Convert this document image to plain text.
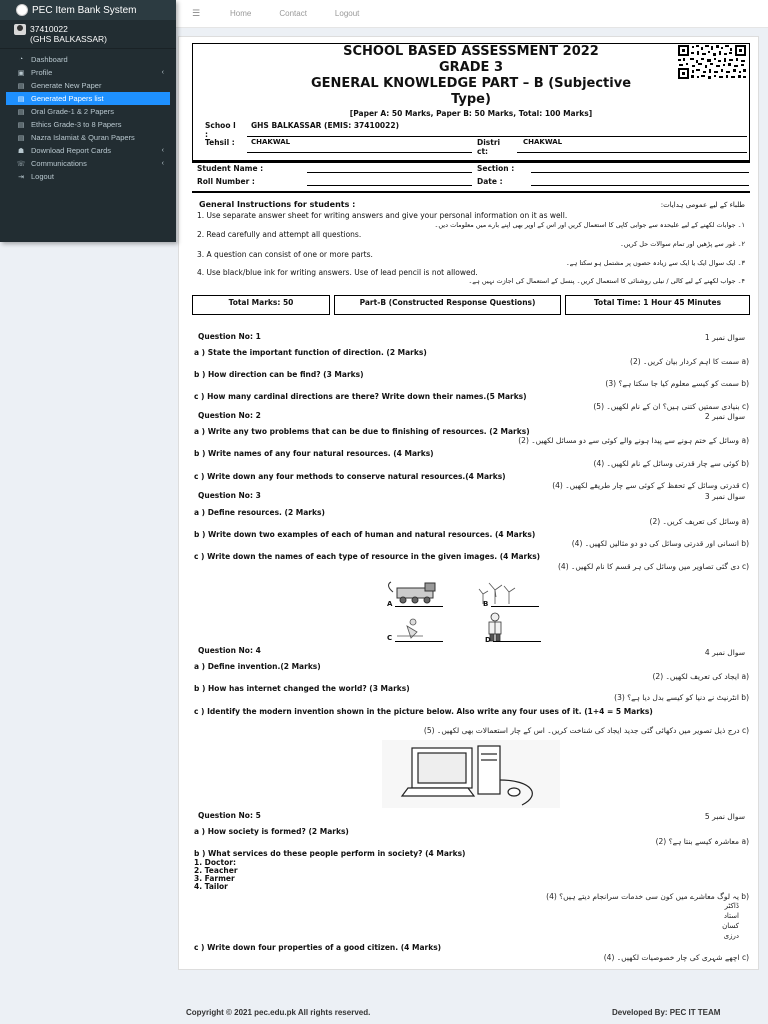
PEC Item Bank System
37410022
(GHS BALKASSAR)
◔	Dashboard
▣ Profile	‹
▤ Generate New Paper
▤ Generated Papers list
▤ Oral Grade-1 & 2 Papers
▤ Ethics Grade-3 to 8 Papers
▤ Nazra Islamiat & Quran Papers
☗ Download Report Cards	‹
☏ Communications	‹
⇥ Logout
☰	Home	Contact	Logout
SCHOOL BASED ASSESSMENT 2022
GRADE 3
GENERAL KNOWLEDGE PART – B (Subjective
Type)
[Paper A: 50 Marks, Paper B: 50 Marks, Total: 100 Marks]
Schoo l :
GHS BALKASSAR (EMIS: 37410022)
Tehsil : CHAKWAL	Distri ct:
CHAKWAL
Student Name :	Section :
Roll Number :	Date :
General Instructions for students :	طلباء کے لیے عمومی ہدایات:
1. Use separate answer sheet for writing answers and give your personal information on it as well.
۱۔ جوابات لکھنے کے لیے علیحدہ سے جوابی کاپی کا استعمال کریں اور اس کے اوپر بھی اپنے بارے میں معلومات دیں۔
2. Read carefully and attempt all questions.
۲۔ غور سے پڑھیں اور تمام سوالات حل کریں۔
3. A question can consist of one or more parts.
۳۔ ایک سوال ایک یا ایک سے زیادہ حصوں پر مشتمل ہو سکتا ہے۔
4. Use black/blue ink for writing answers. Use of lead pencil is not allowed.
۴۔ جواب لکھنے کے لیے کالی / نیلی روشنائی کا استعمال کریں۔ پنسل کے استعمال کی اجازت نہیں ہے۔
Total Marks: 50	Part-B (Constructed Response Questions)	Total Time: 1 Hour 45 Minutes
Question No: 1	سوال نمبر 1
a ) State the important function of direction. (2 Marks)
(a سمت کا اہم کردار بیان کریں۔ (2)
b ) How direction can be find? (3 Marks)
(b سمت کو کیسے معلوم کیا جا سکتا ہے؟ (3)
c ) How many cardinal directions are there? Write down their names.(5 Marks)
(c بنیادی سمتیں کتنی ہیں؟ ان کے نام لکھیں۔ (5)
Question No: 2	سوال نمبر 2
a ) Write any two problems that can be due to finishing of resources. (2 Marks)
(a وسائل کے ختم ہونے سے پیدا ہونے والے کوئی سے دو مسائل لکھیں۔ (2)
b ) Write names of any four natural resources. (4 Marks)
(b کوئی سے چار قدرتی وسائل کے نام لکھیں۔ (4)
c ) Write down any four methods to conserve natural resources.(4 Marks)
(c قدرتی وسائل کے تحفظ کے کوئی سے چار طریقے لکھیں۔ (4)
Question No: 3	سوال نمبر 3
a ) Define resources. (2 Marks)
(a وسائل کی تعریف کریں۔ (2)
b ) Write down two examples of each of human and natural resources. (4 Marks)
(b انسانی اور قدرتی وسائل کی دو دو مثالیں لکھیں۔ (4)
c ) Write down the names of each type of resource in the given images. (4 Marks)
(c دی گئی تصاویر میں وسائل کی ہر قسم کا نام لکھیں۔ (4)
A	B
C	D
Question No: 4	سوال نمبر 4
a ) Define invention.(2 Marks)
(a ایجاد کی تعریف لکھیں۔ (2)
b ) How has internet changed the world? (3 Marks)
(b انٹرنیٹ نے دنیا کو کیسے بدل دیا ہے؟ (3)
c ) Identify the modern invention shown in the picture below. Also write any four uses of it. (1+4 = 5 Marks)
(c درج ذیل تصویر میں دکھائی گئی جدید ایجاد کی شناخت کریں۔ اس کے چار استعمالات بھی لکھیں۔ (5)
Question No: 5	سوال نمبر 5
a ) How society is formed? (2 Marks)
(a معاشرہ کیسے بنتا ہے؟ (2)
b ) What services do these people perform in society? (4 Marks)
1. Doctor:
2. Teacher
3. Farmer
4. Tailor
(b یہ لوگ معاشرے میں کون سی خدمات سرانجام دیتے ہیں؟ (4)
ڈاکٹر
استاد
کسان
درزی
c ) Write down four properties of a good citizen. (4 Marks)
(c اچھے شہری کی چار خصوصیات لکھیں۔ (4)
Copyright © 2021 pec.edu.pk All rights reserved.	Developed By: PEC IT TEAM
